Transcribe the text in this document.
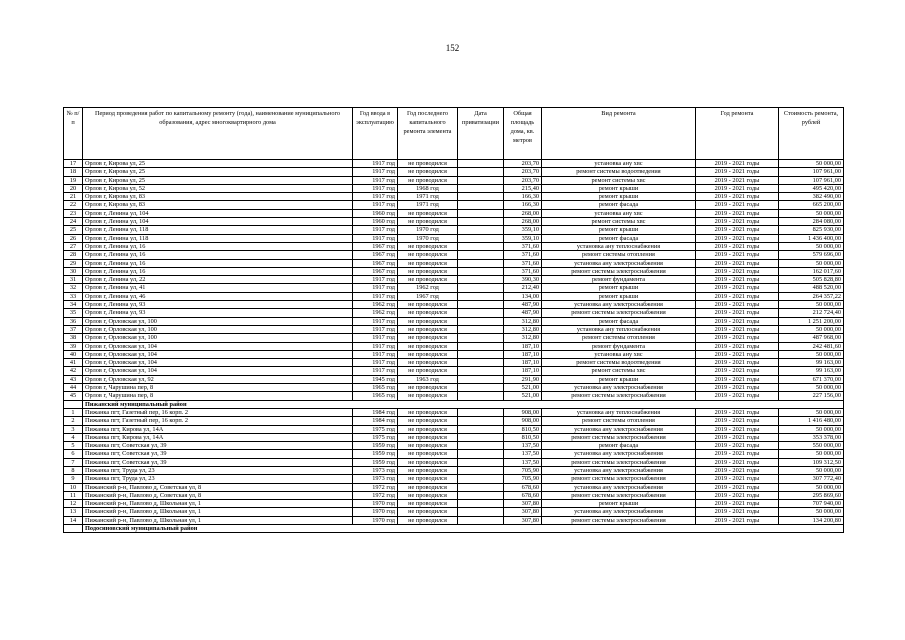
152
№ п/п	Период проведения работ по капитальному ремонту (года), наименование муниципального образования, адрес многоквартирного дома	Год ввода в эксплуатацию	Год последнего капитального ремонта элемента	Дата приватизации	Общая площадь дома, кв. метров	Вид ремонта	Год ремонта	Стоимость ремонта, рублей
17	Орлов г, Кирова ул, 25	1917 год	не проводился		203,70	установка ану хвс	2019 - 2021 годы	50 000,00
18	Орлов г, Кирова ул, 25	1917 год	не проводился		203,70	ремонт системы водоотведения	2019 - 2021 годы	107 961,00
19	Орлов г, Кирова ул, 25	1917 год	не проводился		203,70	ремонт системы хвс	2019 - 2021 годы	107 961,00
20	Орлов г, Кирова ул, 52	1917 год	1968 год		215,40	ремонт крыши	2019 - 2021 годы	495 420,00
21	Орлов г, Кирова ул, 83	1917 год	1971 год		166,30	ремонт крыши	2019 - 2021 годы	382 490,00
22	Орлов г, Кирова ул, 83	1917 год	1971 год		166,30	ремонт фасада	2019 - 2021 годы	665 200,00
23	Орлов г, Ленина ул, 104	1960 год	не проводился		268,00	установка ану хвс	2019 - 2021 годы	50 000,00
24	Орлов г, Ленина ул, 104	1960 год	не проводился		268,00	ремонт системы хвс	2019 - 2021 годы	284 080,00
25	Орлов г, Ленина ул, 118	1917 год	1970 год		359,10	ремонт крыши	2019 - 2021 годы	825 930,00
26	Орлов г, Ленина ул, 118	1917 год	1970 год		359,10	ремонт фасада	2019 - 2021 годы	1 436 400,00
27	Орлов г, Ленина ул, 16	1967 год	не проводился		371,60	установка ану теплоснабжения	2019 - 2021 годы	50 000,00
28	Орлов г, Ленина ул, 16	1967 год	не проводился		371,60	ремонт системы отопления	2019 - 2021 годы	579 696,00
29	Орлов г, Ленина ул, 16	1967 год	не проводился		371,60	установка ану электроснабжения	2019 - 2021 годы	50 000,00
30	Орлов г, Ленина ул, 16	1967 год	не проводился		371,60	ремонт системы электроснабжения	2019 - 2021 годы	162 017,60
31	Орлов г, Ленина ул, 22	1917 год	не проводился		390,30	ремонт фундамента	2019 - 2021 годы	505 828,80
32	Орлов г, Ленина ул, 41	1917 год	1962 год		212,40	ремонт крыши	2019 - 2021 годы	488 520,00
33	Орлов г, Ленина ул, 46	1917 год	1967 год		134,00	ремонт крыши	2019 - 2021 годы	264 357,22
34	Орлов г, Ленина ул, 93	1962 год	не проводился		487,90	установка ану электроснабжения	2019 - 2021 годы	50 000,00
35	Орлов г, Ленина ул, 93	1962 год	не проводился		487,90	ремонт системы электроснабжения	2019 - 2021 годы	212 724,40
36	Орлов г, Орловская ул, 100	1917 год	не проводился		312,80	ремонт фасада	2019 - 2021 годы	1 251 200,00
37	Орлов г, Орловская ул, 100	1917 год	не проводился		312,80	установка ану теплоснабжения	2019 - 2021 годы	50 000,00
38	Орлов г, Орловская ул, 100	1917 год	не проводился		312,80	ремонт системы отопления	2019 - 2021 годы	487 968,00
39	Орлов г, Орловская ул, 104	1917 год	не проводился		187,10	ремонт фундамента	2019 - 2021 годы	242 481,60
40	Орлов г, Орловская ул, 104	1917 год	не проводился		187,10	установка ану хвс	2019 - 2021 годы	50 000,00
41	Орлов г, Орловская ул, 104	1917 год	не проводился		187,10	ремонт системы водоотведения	2019 - 2021 годы	99 163,00
42	Орлов г, Орловская ул, 104	1917 год	не проводился		187,10	ремонт системы хвс	2019 - 2021 годы	99 163,00
43	Орлов г, Орловская ул, 92	1945 год	1963 год		291,90	ремонт крыши	2019 - 2021 годы	671 370,00
44	Орлов г, Чарушина пер, 8	1965 год	не проводился		521,00	установка ану электроснабжения	2019 - 2021 годы	50 000,00
45	Орлов г, Чарушина пер, 8	1965 год	не проводился		521,00	ремонт системы электроснабжения	2019 - 2021 годы	227 156,00
	Пижанский муниципальный район							
1	Пижанка пгт, Газетный пер, 16 корп. 2	1984 год	не проводился		908,00	установка ану теплоснабжения	2019 - 2021 годы	50 000,00
2	Пижанка пгт, Газетный пер, 16 корп. 2	1984 год	не проводился		908,00	ремонт системы отопления	2019 - 2021 годы	1 416 480,00
3	Пижанка пгт, Кирова ул, 14А	1975 год	не проводился		810,50	установка ану электроснабжения	2019 - 2021 годы	50 000,00
4	Пижанка пгт, Кирова ул, 14А	1975 год	не проводился		810,50	ремонт системы электроснабжения	2019 - 2021 годы	353 378,00
5	Пижанка пгт, Советская ул, 39	1959 год	не проводился		137,50	ремонт фасада	2019 - 2021 годы	550 000,00
6	Пижанка пгт, Советская ул, 39	1959 год	не проводился		137,50	установка ану электроснабжения	2019 - 2021 годы	50 000,00
7	Пижанка пгт, Советская ул, 39	1959 год	не проводился		137,50	ремонт системы электроснабжения	2019 - 2021 годы	109 312,50
8	Пижанка пгт, Труда ул, 23	1973 год	не проводился		705,90	установка ану электроснабжения	2019 - 2021 годы	50 000,00
9	Пижанка пгт, Труда ул, 23	1973 год	не проводился		705,90	ремонт системы электроснабжения	2019 - 2021 годы	307 772,40
10	Пижанский р-н, Павлово д, Советская ул, 8	1972 год	не проводился		678,60	установка ану электроснабжения	2019 - 2021 годы	50 000,00
11	Пижанский р-н, Павлово д, Советская ул, 8	1972 год	не проводился		678,60	ремонт системы электроснабжения	2019 - 2021 годы	295 869,60
12	Пижанский р-н, Павлово д, Школьная ул, 1	1970 год	не проводился		307,80	ремонт крыши	2019 - 2021 годы	707 940,00
13	Пижанский р-н, Павлово д, Школьная ул, 1	1970 год	не проводился		307,80	установка ану электроснабжения	2019 - 2021 годы	50 000,00
14	Пижанский р-н, Павлово д, Школьная ул, 1	1970 год	не проводился		307,80	ремонт системы электроснабжения	2019 - 2021 годы	134 200,80
	Подосиновский муниципальный район							
